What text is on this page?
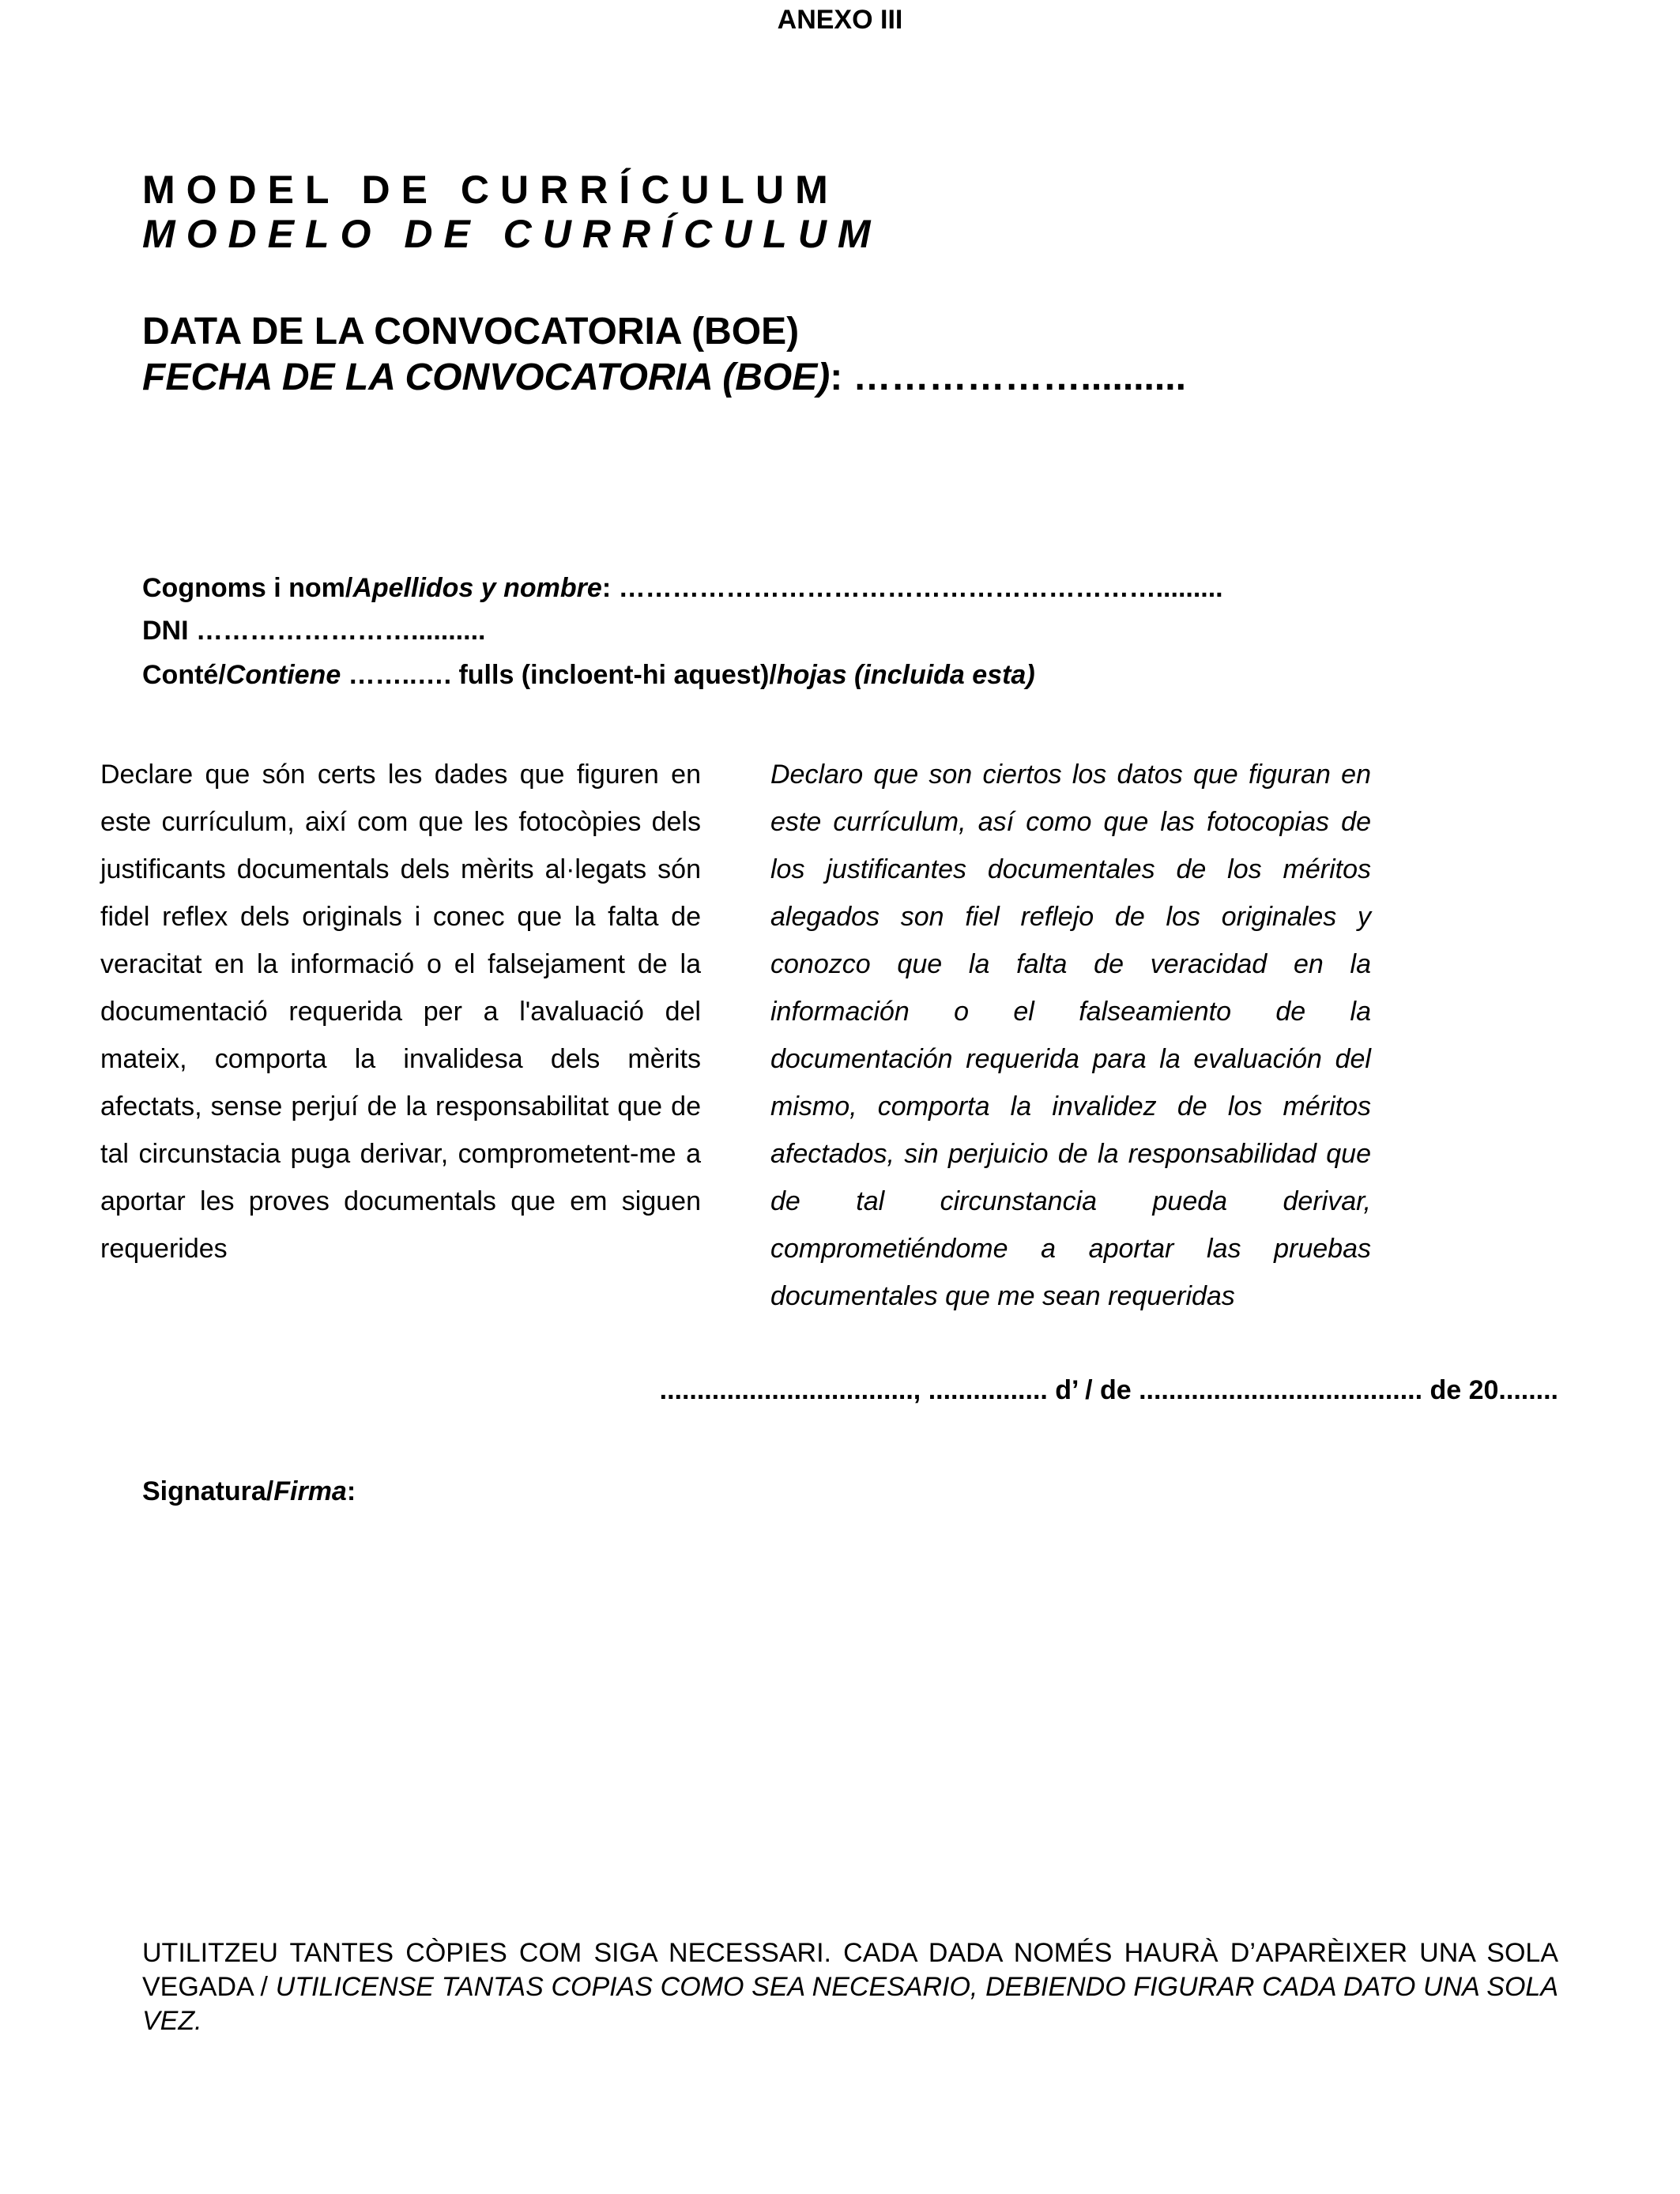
ANEXO III
MODEL DE CURRÍCULUM
MODELO DE CURRÍCULUM
DATA DE LA CONVOCATORIA (BOE)
FECHA DE LA CONVOCATORIA (BOE): ………………..........
Cognoms i nom/Apellidos y nombre: …………………………………………………….........
DNI ……………………..........
Conté/Contiene ……..…. fulls (incloent-hi aquest)/hojas (incluida esta)

Declare que són certs les dades que figuren en este currículum, així com que les fotocòpies dels justificants documentals dels mèrits al·legats són fidel reflex dels originals i conec que la falta de veracitat en la informació o el falsejament de la documentació requerida per a l'avaluació del mateix, comporta la invalidesa dels mèrits afectats, sense perjuí de la responsabilitat que de tal circunstacia puga derivar, comprometent-me a aportar les proves documentals que em siguen requerides

Declaro que son ciertos los datos que figuran en este currículum, así como que las fotocopias de los justificantes documentales de los méritos alegados son fiel reflejo de los originales y conozco que la falta de veracidad en la información o el falseamiento de la documentación requerida para la evaluación del mismo, comporta la invalidez de los méritos afectados, sin perjuicio de la responsabilidad que de tal circunstancia pueda derivar, comprometiéndome a aportar las pruebas documentales que me sean requeridas

.................................., ................ d’ / de ...................................... de 20........
Signatura/Firma:

UTILITZEU TANTES CÒPIES COM SIGA NECESSARI. CADA DADA NOMÉS HAURÀ D’APARÈIXER UNA SOLA VEGADA / UTILICENSE TANTAS COPIAS COMO SEA NECESARIO, DEBIENDO FIGURAR CADA DATO UNA SOLA VEZ.
